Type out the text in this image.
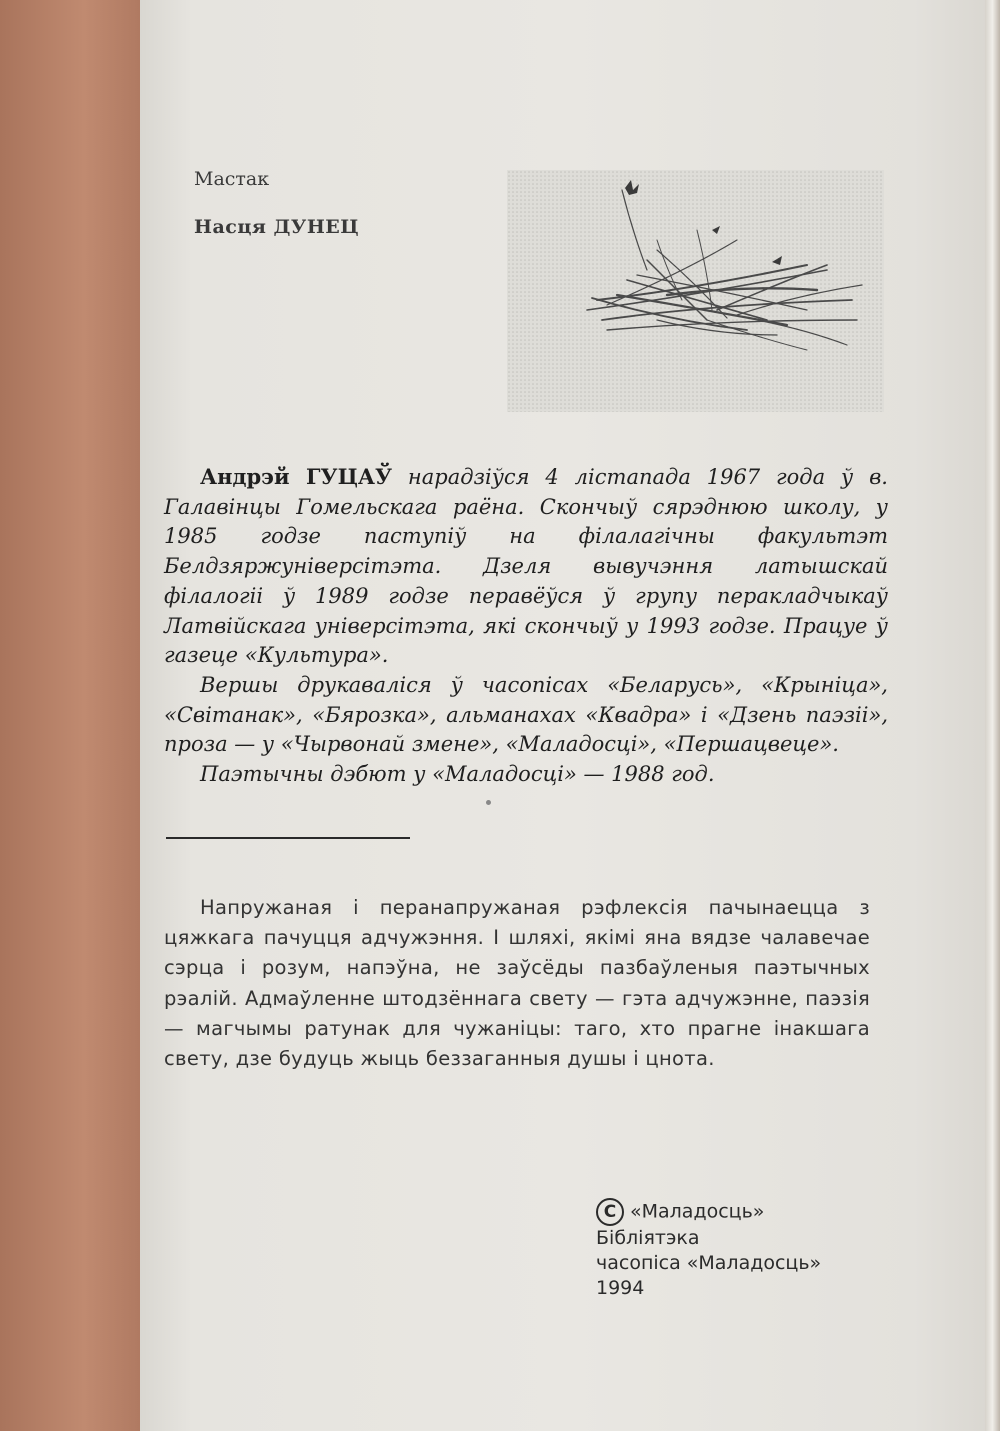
Мастак
Насця ДУНЕЦ

Андрэй ГУЦАЎ нарадзіўся 4 лістапада 1967 года ў в. Галавінцы Гомельскага раёна. Скончыў сярэднюю школу, у 1985 годзе паступіў на філалагічны факультэт Белдзяржуніверсітэта. Дзеля вывучэння латышскай філалогіі ў 1989 годзе перавёўся ў групу перакладчыкаў Латвійскага універсітэта, які скончыў у 1993 годзе. Працуе ў газеце «Культура».

Вершы друкаваліся ў часопісах «Беларусь», «Крыніца», «Світанак», «Бярозка», альманахах «Квадра» і «Дзень паэзіі», проза — у «Чырвонай змене», «Маладосці», «Першацвеце».

Паэтычны дэбют у «Маладосці» — 1988 год.

Напружаная і перанапружаная рэфлексія пачынаецца з цяжкага пачуцця адчужэння. І шляхі, якімі яна вядзе чалавечае сэрца і розум, напэўна, не заўсёды пазбаўленыя паэтычных рэалій. Адмаўленне штодзённага свету — гэта адчужэнне, паэзія — магчымы ратунак для чужаніцы: таго, хто прагне інакшага свету, дзе будуць жыць беззаганныя душы і цнота.

C «Маладосць»
Бібліятэка
часопіса «Маладосць»
1994
